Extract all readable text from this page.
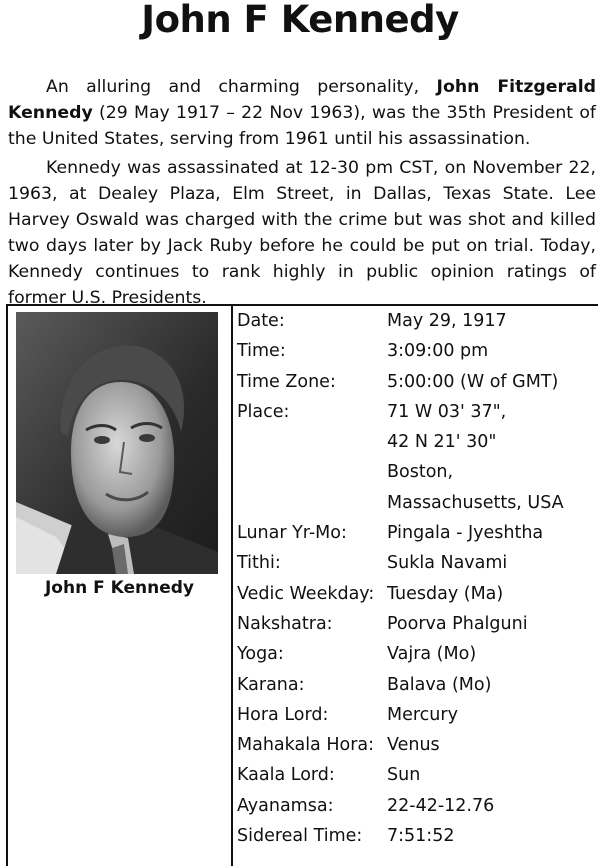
John F Kennedy

An alluring and charming personality, John Fitzgerald Kennedy (29 May 1917 – 22 Nov 1963), was the 35th President of the United States, serving from 1961 until his assassination.

Kennedy was assassinated at 12-30 pm CST, on November 22, 1963, at Dealey Plaza, Elm Street, in Dallas, Texas State. Lee Harvey Oswald was charged with the crime but was shot and killed two days later by Jack Ruby before he could be put on trial. Today, Kennedy continues to rank highly in public opinion ratings of former U.S. Presidents.

John F Kennedy
Date:	May 29, 1917
Time:	3:09:00 pm
Time Zone:	5:00:00 (W of GMT)
Place:	71 W 03' 37",
42 N 21' 30"
Boston,
Massachusetts, USA
Lunar Yr-Mo: Pingala - Jyeshtha
Tithi:	Sukla Navami
Vedic Weekday: Tuesday (Ma)
Nakshatra:	Poorva Phalguni
Yoga:	Vajra (Mo)
Karana:	Balava (Mo)
Hora Lord:	Mercury
Mahakala Hora: Venus
Kaala Lord:	Sun
Ayanamsa:	22-42-12.76
Sidereal Time: 7:51:52
